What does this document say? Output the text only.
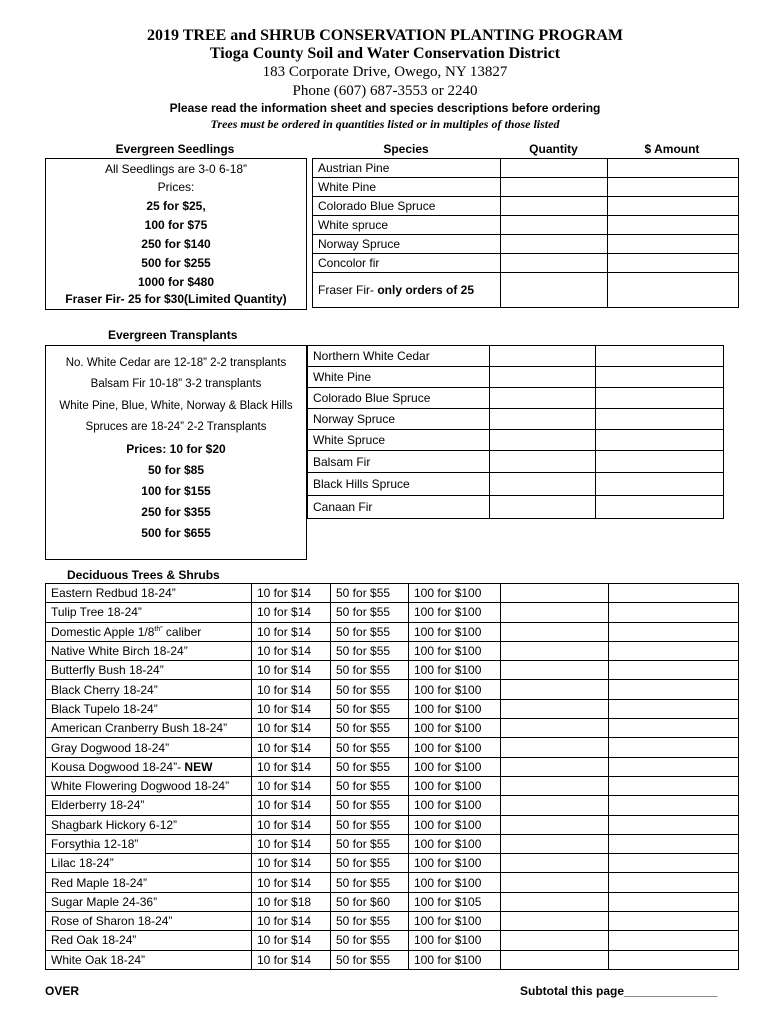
2019 TREE and SHRUB CONSERVATION PLANTING PROGRAM
Tioga County Soil and Water Conservation District
183 Corporate Drive, Owego, NY 13827
Phone (607) 687-3553 or 2240
Please read the information sheet and species descriptions before ordering
Trees must be ordered in quantities listed or in multiples of those listed
Evergreen Seedlings	Species	Quantity	$ Amount
All Seedlings are 3-0 6-18”
Prices:
25 for $25,
100 for $75
250 for $140
500 for $255
1000 for $480
Fraser Fir- 25 for $30(Limited Quantity)
Austrian Pine		
White Pine		
Colorado Blue Spruce		
White spruce		
Norway Spruce		
Concolor fir		
Fraser Fir- only orders of 25		
Evergreen Transplants
No. White Cedar are 12-18” 2-2 transplants
Balsam Fir 10-18” 3-2 transplants
White Pine, Blue, White, Norway & Black Hills
Spruces are 18-24” 2-2 Transplants
Prices: 10 for $20
50 for $85
100 for $155
250 for $355
500 for $655
Northern White Cedar		
White Pine		
Colorado Blue Spruce		
Norway Spruce		
White Spruce		
Balsam Fir		
Black Hills Spruce		
Canaan Fir		
Deciduous Trees & Shrubs
Eastern Redbud 18-24”	10 for $14	50 for $55	100 for $100		
Tulip Tree 18-24”	10 for $14	50 for $55	100 for $100		
Domestic Apple $1/8^{th”}$ caliber	10 for $14	50 for $55	100 for $100		
Native White Birch 18-24”	10 for $14	50 for $55	100 for $100		
Butterfly Bush 18-24”	10 for $14	50 for $55	100 for $100		
Black Cherry 18-24”	10 for $14	50 for $55	100 for $100		
Black Tupelo 18-24”	10 for $14	50 for $55	100 for $100		
American Cranberry Bush 18-24”	10 for $14	50 for $55	100 for $100		
Gray Dogwood 18-24”	10 for $14	50 for $55	100 for $100		
Kousa Dogwood 18-24”- NEW	10 for $14	50 for $55	100 for $100		
White Flowering Dogwood 18-24”	10 for $14	50 for $55	100 for $100		
Elderberry 18-24”	10 for $14	50 for $55	100 for $100		
Shagbark Hickory 6-12”	10 for $14	50 for $55	100 for $100		
Forsythia 12-18”	10 for $14	50 for $55	100 for $100		
Lilac 18-24”	10 for $14	50 for $55	100 for $100		
Red Maple 18-24”	10 for $14	50 for $55	100 for $100		
Sugar Maple 24-36”	10 for $18	50 for $60	100 for $105		
Rose of Sharon 18-24”	10 for $14	50 for $55	100 for $100		
Red Oak 18-24”	10 for $14	50 for $55	100 for $100		
White Oak 18-24”	10 for $14	50 for $55	100 for $100		
OVER	Subtotal this page______________
